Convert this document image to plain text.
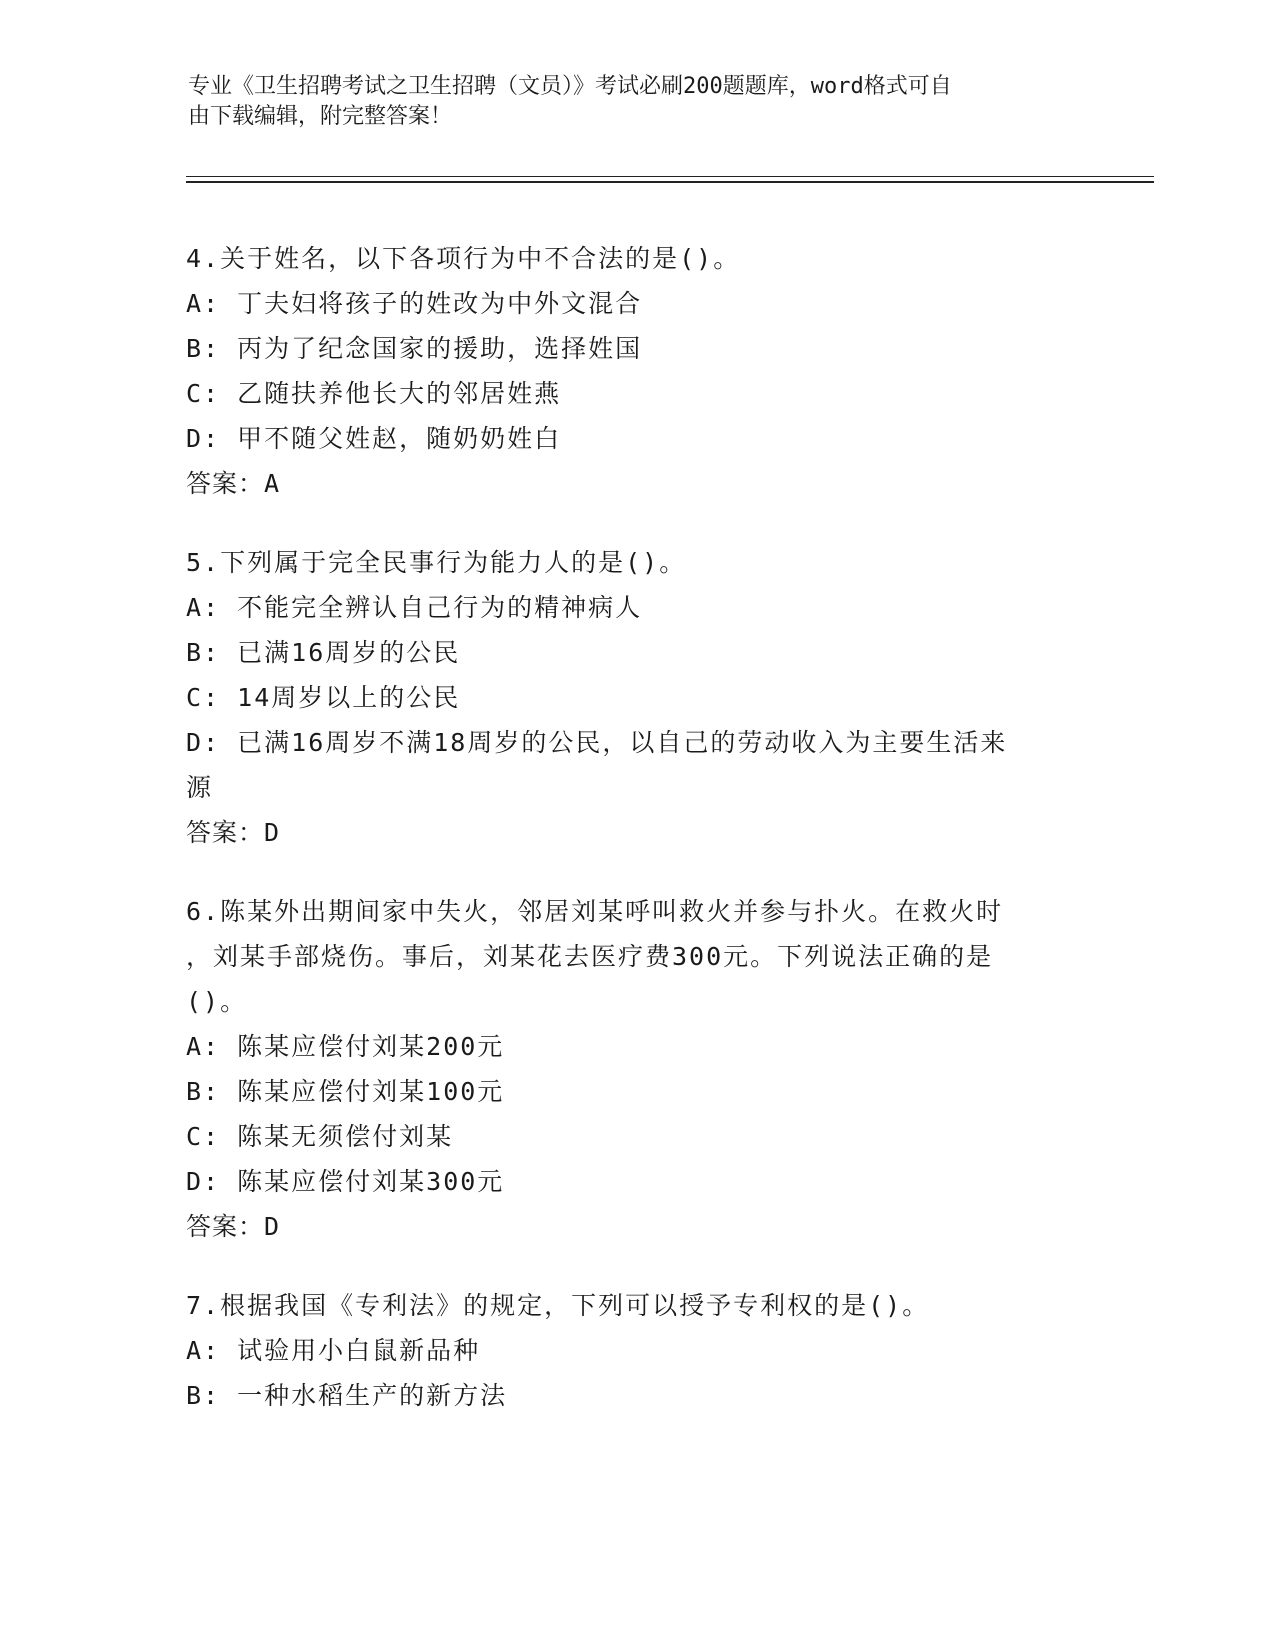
专业《卫生招聘考试之卫生招聘（文员）》考试必刷200题题库，word格式可自
由下载编辑，附完整答案！
4.关于姓名，以下各项行为中不合法的是()。
A: 丁夫妇将孩子的姓改为中外文混合
B: 丙为了纪念国家的援助，选择姓国
C: 乙随扶养他长大的邻居姓燕
D: 甲不随父姓赵，随奶奶姓白
答案：A
5.下列属于完全民事行为能力人的是()。
A: 不能完全辨认自己行为的精神病人
B: 已满16周岁的公民
C: 14周岁以上的公民
D: 已满16周岁不满18周岁的公民，以自己的劳动收入为主要生活来
源
答案：D
6.陈某外出期间家中失火，邻居刘某呼叫救火并参与扑火。在救火时
，刘某手部烧伤。事后，刘某花去医疗费300元。下列说法正确的是
()。
A: 陈某应偿付刘某200元
B: 陈某应偿付刘某100元
C: 陈某无须偿付刘某
D: 陈某应偿付刘某300元
答案：D
7.根据我国《专利法》的规定，下列可以授予专利权的是()。
A: 试验用小白鼠新品种
B: 一种水稻生产的新方法
